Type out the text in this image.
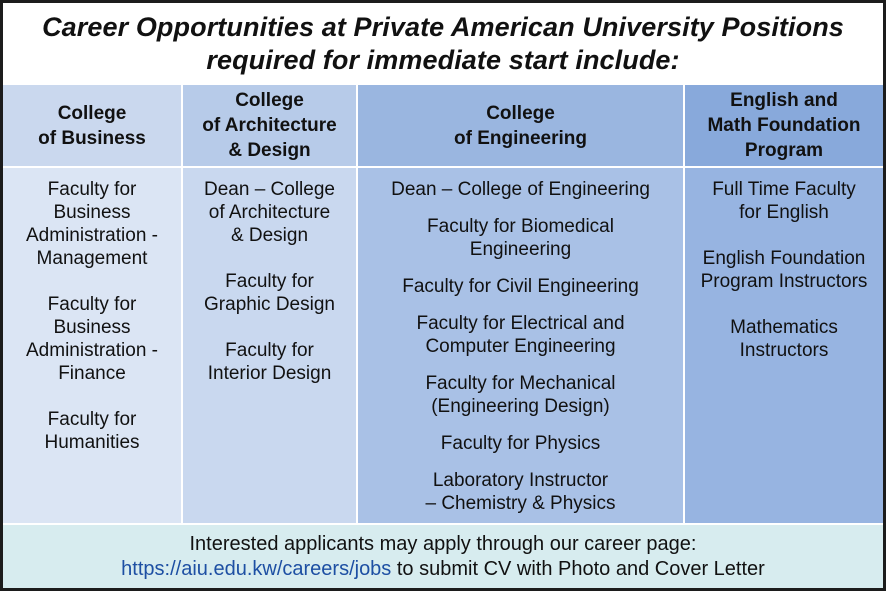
Career Opportunities at Private American University Positions
required for immediate start include:
College
of Business
Faculty for
Business
Administration -
Management
Faculty for
Business
Administration -
Finance
Faculty for
Humanities
College
of Architecture
& Design
Dean – College
of Architecture
& Design
Faculty for
Graphic Design
Faculty for
Interior Design
College
of Engineering
Dean – College of Engineering
Faculty for Biomedical
Engineering
Faculty for Civil Engineering
Faculty for Electrical and
Computer Engineering
Faculty for Mechanical
(Engineering Design)
Faculty for Physics
Laboratory Instructor
– Chemistry & Physics
English and
Math Foundation
Program
Full Time Faculty
for English
English Foundation
Program Instructors
Mathematics
Instructors
Interested applicants may apply through our career page:
https://aiu.edu.kw/careers/jobs to submit CV with Photo and Cover Letter
